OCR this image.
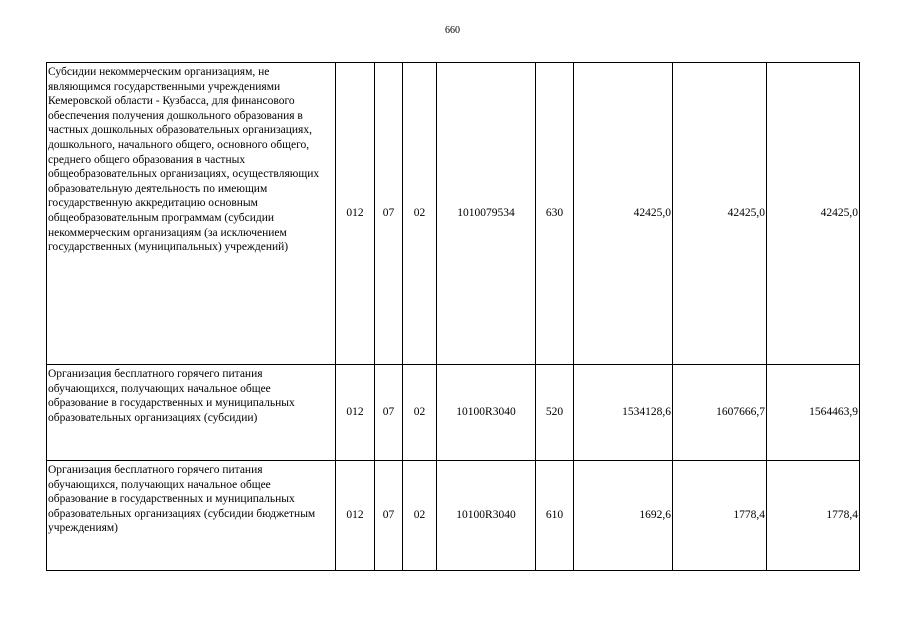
660
Субсидии некоммерческим организациям, не являющимся государственными учреждениями Кемеровской области - Кузбасса, для финансового обеспечения получения дошкольного образования в частных дошкольных образовательных организациях, дошкольного, начального общего, основного общего, среднего общего образования в частных общеобразовательных организациях, осуществляющих образовательную деятельность по имеющим государственную аккредитацию основным общеобразовательным программам (субсидии некоммерческим организациям (за исключением государственных (муниципальных) учреждений)	012	07	02	1010079534	630	42425,0	42425,0	42425,0
Организация бесплатного горячего питания обучающихся, получающих начальное общее образование в государственных и муниципальных образовательных организациях (субсидии)	012	07	02	10100R3040	520	1534128,6	1607666,7	1564463,9
Организация бесплатного горячего питания обучающихся, получающих начальное общее образование в государственных и муниципальных образовательных организациях (субсидии бюджетным учреждениям)	012	07	02	10100R3040	610	1692,6	1778,4	1778,4
